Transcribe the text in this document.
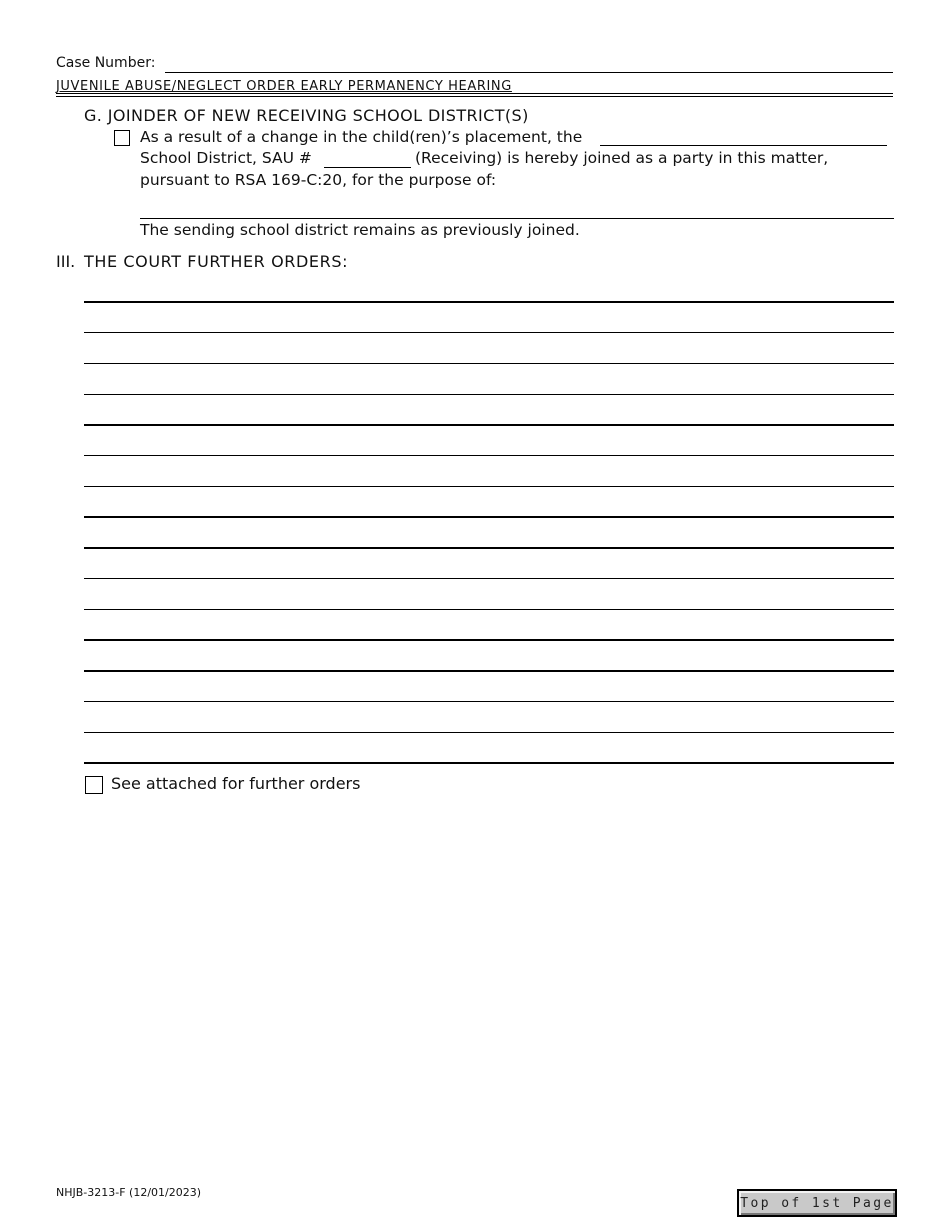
Case Number:
JUVENILE ABUSE/NEGLECT ORDER EARLY PERMANENCY HEARING
G. JOINDER OF NEW RECEIVING SCHOOL DISTRICT(S)
As a result of a change in the child(ren)’s placement, the
School District, SAU #	(Receiving) is hereby joined as a party in this matter,
pursuant to RSA 169-C:20, for the purpose of:
The sending school district remains as previously joined.
III. THE COURT FURTHER ORDERS:
See attached for further orders
NHJB-3213-F (12/01/2023)
Top of 1st Page
